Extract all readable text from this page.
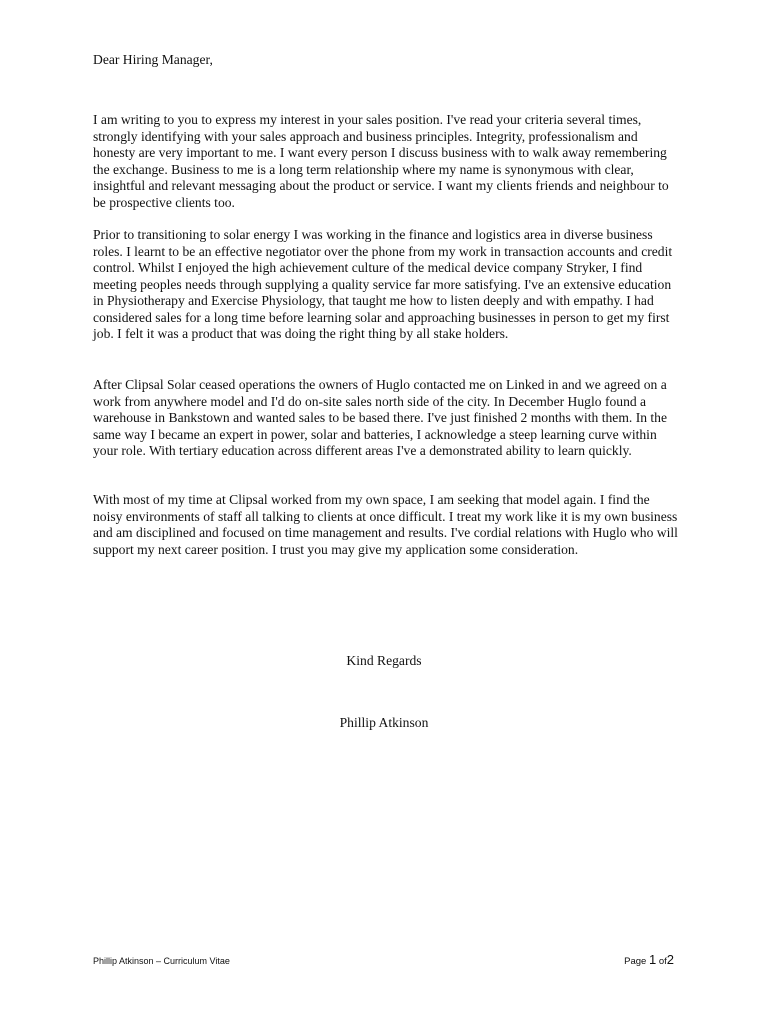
Dear Hiring Manager,

I am writing to you to express my interest in your sales position. I've read your criteria several times, strongly identifying with your sales approach and business principles. Integrity, professionalism and honesty are very important to me. I want every person I discuss business with to walk away remembering the exchange. Business to me is a long term relationship where my name is synonymous with clear, insightful and relevant messaging about the product or service. I want my clients friends and neighbour to be prospective clients too.

Prior to transitioning to solar energy I was working in the finance and logistics area in diverse business roles. I learnt to be an effective negotiator over the phone from my work in transaction accounts and credit control. Whilst I enjoyed the high achievement culture of the medical device company Stryker, I find meeting peoples needs through supplying a quality service far more satisfying. I've an extensive education in Physiotherapy and Exercise Physiology, that taught me how to listen deeply and with empathy. I had considered sales for a long time before learning solar and approaching businesses in person to get my first job. I felt it was a product that was doing the right thing by all stake holders.

After Clipsal Solar ceased operations the owners of Huglo contacted me on Linked in and we agreed on a work from anywhere model and I'd do on-site sales north side of the city. In December Huglo found a warehouse in Bankstown and wanted sales to be based there. I've just finished 2 months with them. In the same way I became an expert in power, solar and batteries, I acknowledge a steep learning curve within your role. With tertiary education across different areas I've a demonstrated ability to learn quickly.

With most of my time at Clipsal worked from my own space, I am seeking that model again. I find the noisy environments of staff all talking to clients at once difficult. I treat my work like it is my own business and am disciplined and focused on time management and results. I've cordial relations with Huglo who will support my next career position. I trust you may give my application some consideration.

Kind Regards

Phillip Atkinson

Phillip Atkinson – Curriculum Vitae	Page 1 of2
